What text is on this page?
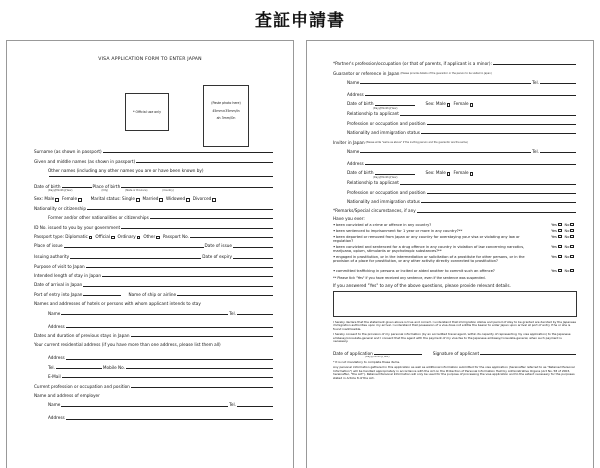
査証申請書
VISA APPLICATION FORM TO ENTER JAPAN
* Official use only
(Paste photo here)
45mm×35mm/In
ah 3mm/On
Surname (as shown in passport)
Given and middle names (as shown in passport)
Other names (including any other names you are or have been known by)
Date of birth	Place of birth
(Day)/(Month)/(Year)	(City)	(State or Province)	(Country)
Sex: Male Female	Marital status: Single Married Widowed Divorced
Nationality or citizenship
Former and/or other nationalities or citizenships
ID No. issued to you by your government
Passport type: Diplomatic Official Ordinary Other Passport No.
Place of issue	Date of issue
Issuing authority	Date of expiry
Purpose of visit to Japan
Intended length of stay in Japan
Date of arrival in Japan
Port of entry into Japan	Name of ship or airline
Names and addresses of hotels or persons with whom applicant intends to stay
Name	Tel.
Address
Dates and duration of previous stays in Japan
Your current residential address (if you have more than one address, please list them all)
Address
Tel.	Mobile No.
E-Mail
Current profession or occupation and position
Name and address of employer
Name	Tel.
Address
*Partner's profession/occupation (or that of parents, if applicant is a minor):
Guarantor or reference in Japan (Please provide details of the guarantor or the person to be visited in Japan)
Name	Tel.
Address
Date of birth	Sex: Male Female
(Day)/(Month)/(Year)
Relationship to applicant
Profession or occupation and position
Nationality and immigration status
Inviter in Japan (Please write "same as above" if the inviting person and the guarantor are the same)
Name	Tel.
Address
Date of birth	Sex: Male Female
(Day)/(Month)/(Year)
Relationship to applicant
Profession or occupation and position
Nationality and immigration status
*Remarks/Special circumstances, if any
Have you ever:
•been convicted of a crime or offence in any country?	Yes No
•been sentenced to imprisonment for 1 year or more in any country?**	Yes No
•been deported or removed from Japan or any country for overstaying your visa or violating any law or regulation?
Yes No
•been convicted and sentenced for a drug offence in any country in violation of law concerning narcotics, marijuana, opium, stimulants or psychotropic substances?**
Yes No
•engaged in prostitution, or in the intermediation or solicitation of a prostitute for other persons, or in the provision of a place for prostitution, or any other activity directly connected to prostitution?
Yes No
•committed trafficking in persons or incited or aided another to commit such an offence?	Yes No
** Please tick "Yes" if you have received any sentence, even if the sentence was suspended.
If you answered "Yes" to any of the above questions, please provide relevant details.
I hereby declare that the statement given above is true and correct. I understand that immigration status and period of stay to be granted are decided by the Japanese immigration authorities upon my arrival. I understand that possession of a visa does not entitle the bearer to enter Japan upon arrival at port of entry if he or she is found inadmissible.
I hereby consent to the provision of my personal information (by an accredited travel agent, within its capacity of representing my visa application) to the Japanese embassy/consulate-general and I consent that the agent with the payment of my visa fee to the Japanese embassy/consulate-general, when such payment is necessary.
Date of application	Signature of applicant
(Day)/(Month)/(Year)
* It is not mandatory to complete these items.
Any personal information gathered in this application as well as additional information submitted for the visa application (hereinafter referred to as "Retained Personal Information") will be handled appropriately in accordance with the Act on the Protection of Personal Information Held by Administrative Organs (Act No. 58 of 2003, hereinafter, "the Act"). Retained Personal Information will only be used for the purpose of processing the visa application and to the extent necessary for the purposes stated in Article 8 of the Act.
